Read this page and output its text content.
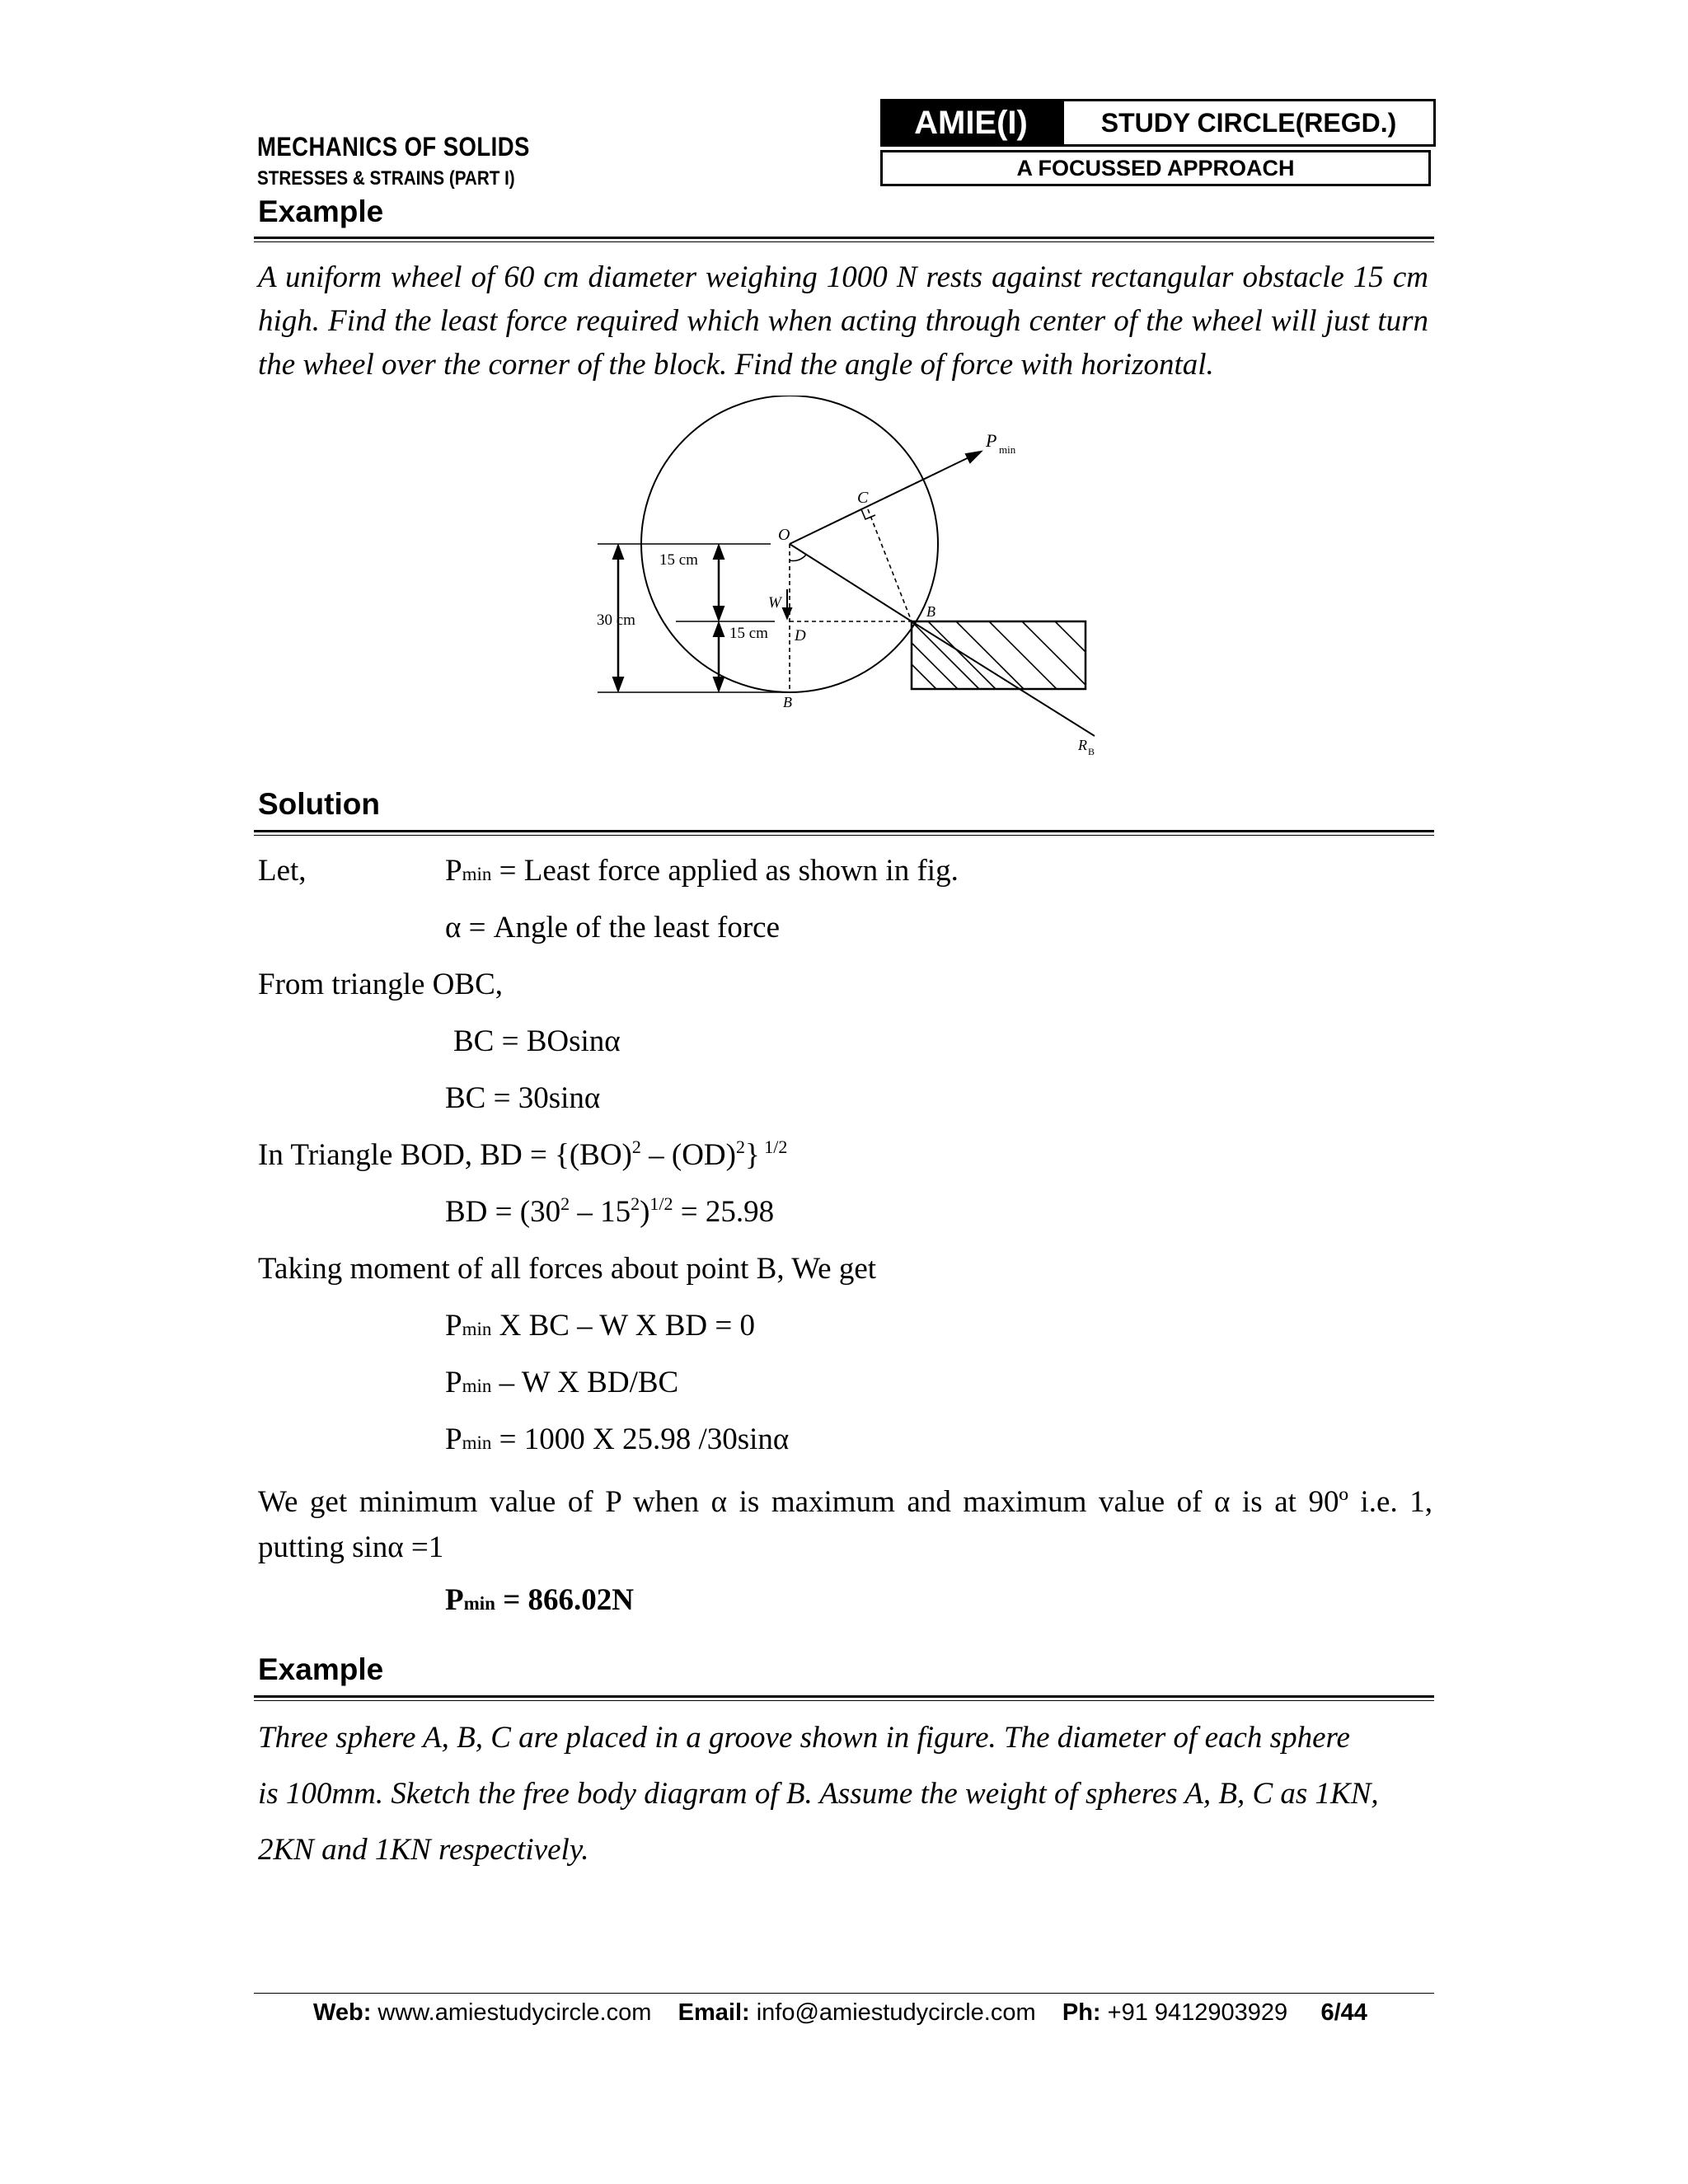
MECHANICS OF SOLIDS
STRESSES & STRAINS (PART I)
AMIE(I)	STUDY CIRCLE(REGD.)
A FOCUSSED APPROACH
Example
A uniform wheel of 60 cm diameter weighing 1000 N rests against rectangular obstacle 15 cm high. Find the least force required which when acting through center of the wheel will just turn the wheel over the corner of the block. Find the angle of force with horizontal.
P min
C
O
W	B
D
B
R B
15 cm
15 cm
30 cm
Solution
Let,	Pmin = Least force applied as shown in fig.
α = Angle of the least force
From triangle OBC,
BC = BOsinα
BC = 30sinα
In Triangle BOD, BD = {(BO)$^2$ – (OD)$^2$} $^{1/2}$
BD = $(30^2 - 15^2)^{1/2} = 25.98$
Taking moment of all forces about point B, We get
Pmin X BC – W X BD = 0
Pmin – W X BD/BC
Pmin = 1000 X 25.98 /30sinα
We get minimum value of P when α is maximum and maximum value of α is at 90º i.e. 1, putting sinα =1
Pmin = 866.02N
Example
Three sphere A, B, C are placed in a groove shown in figure. The diameter of each sphere
is 100mm. Sketch the free body diagram of B. Assume the weight of spheres A, B, C as 1KN,
2KN and 1KN respectively.
Web: www.amiestudycircle.com Email: info@amiestudycircle.com Ph: +91 9412903929 6/44
